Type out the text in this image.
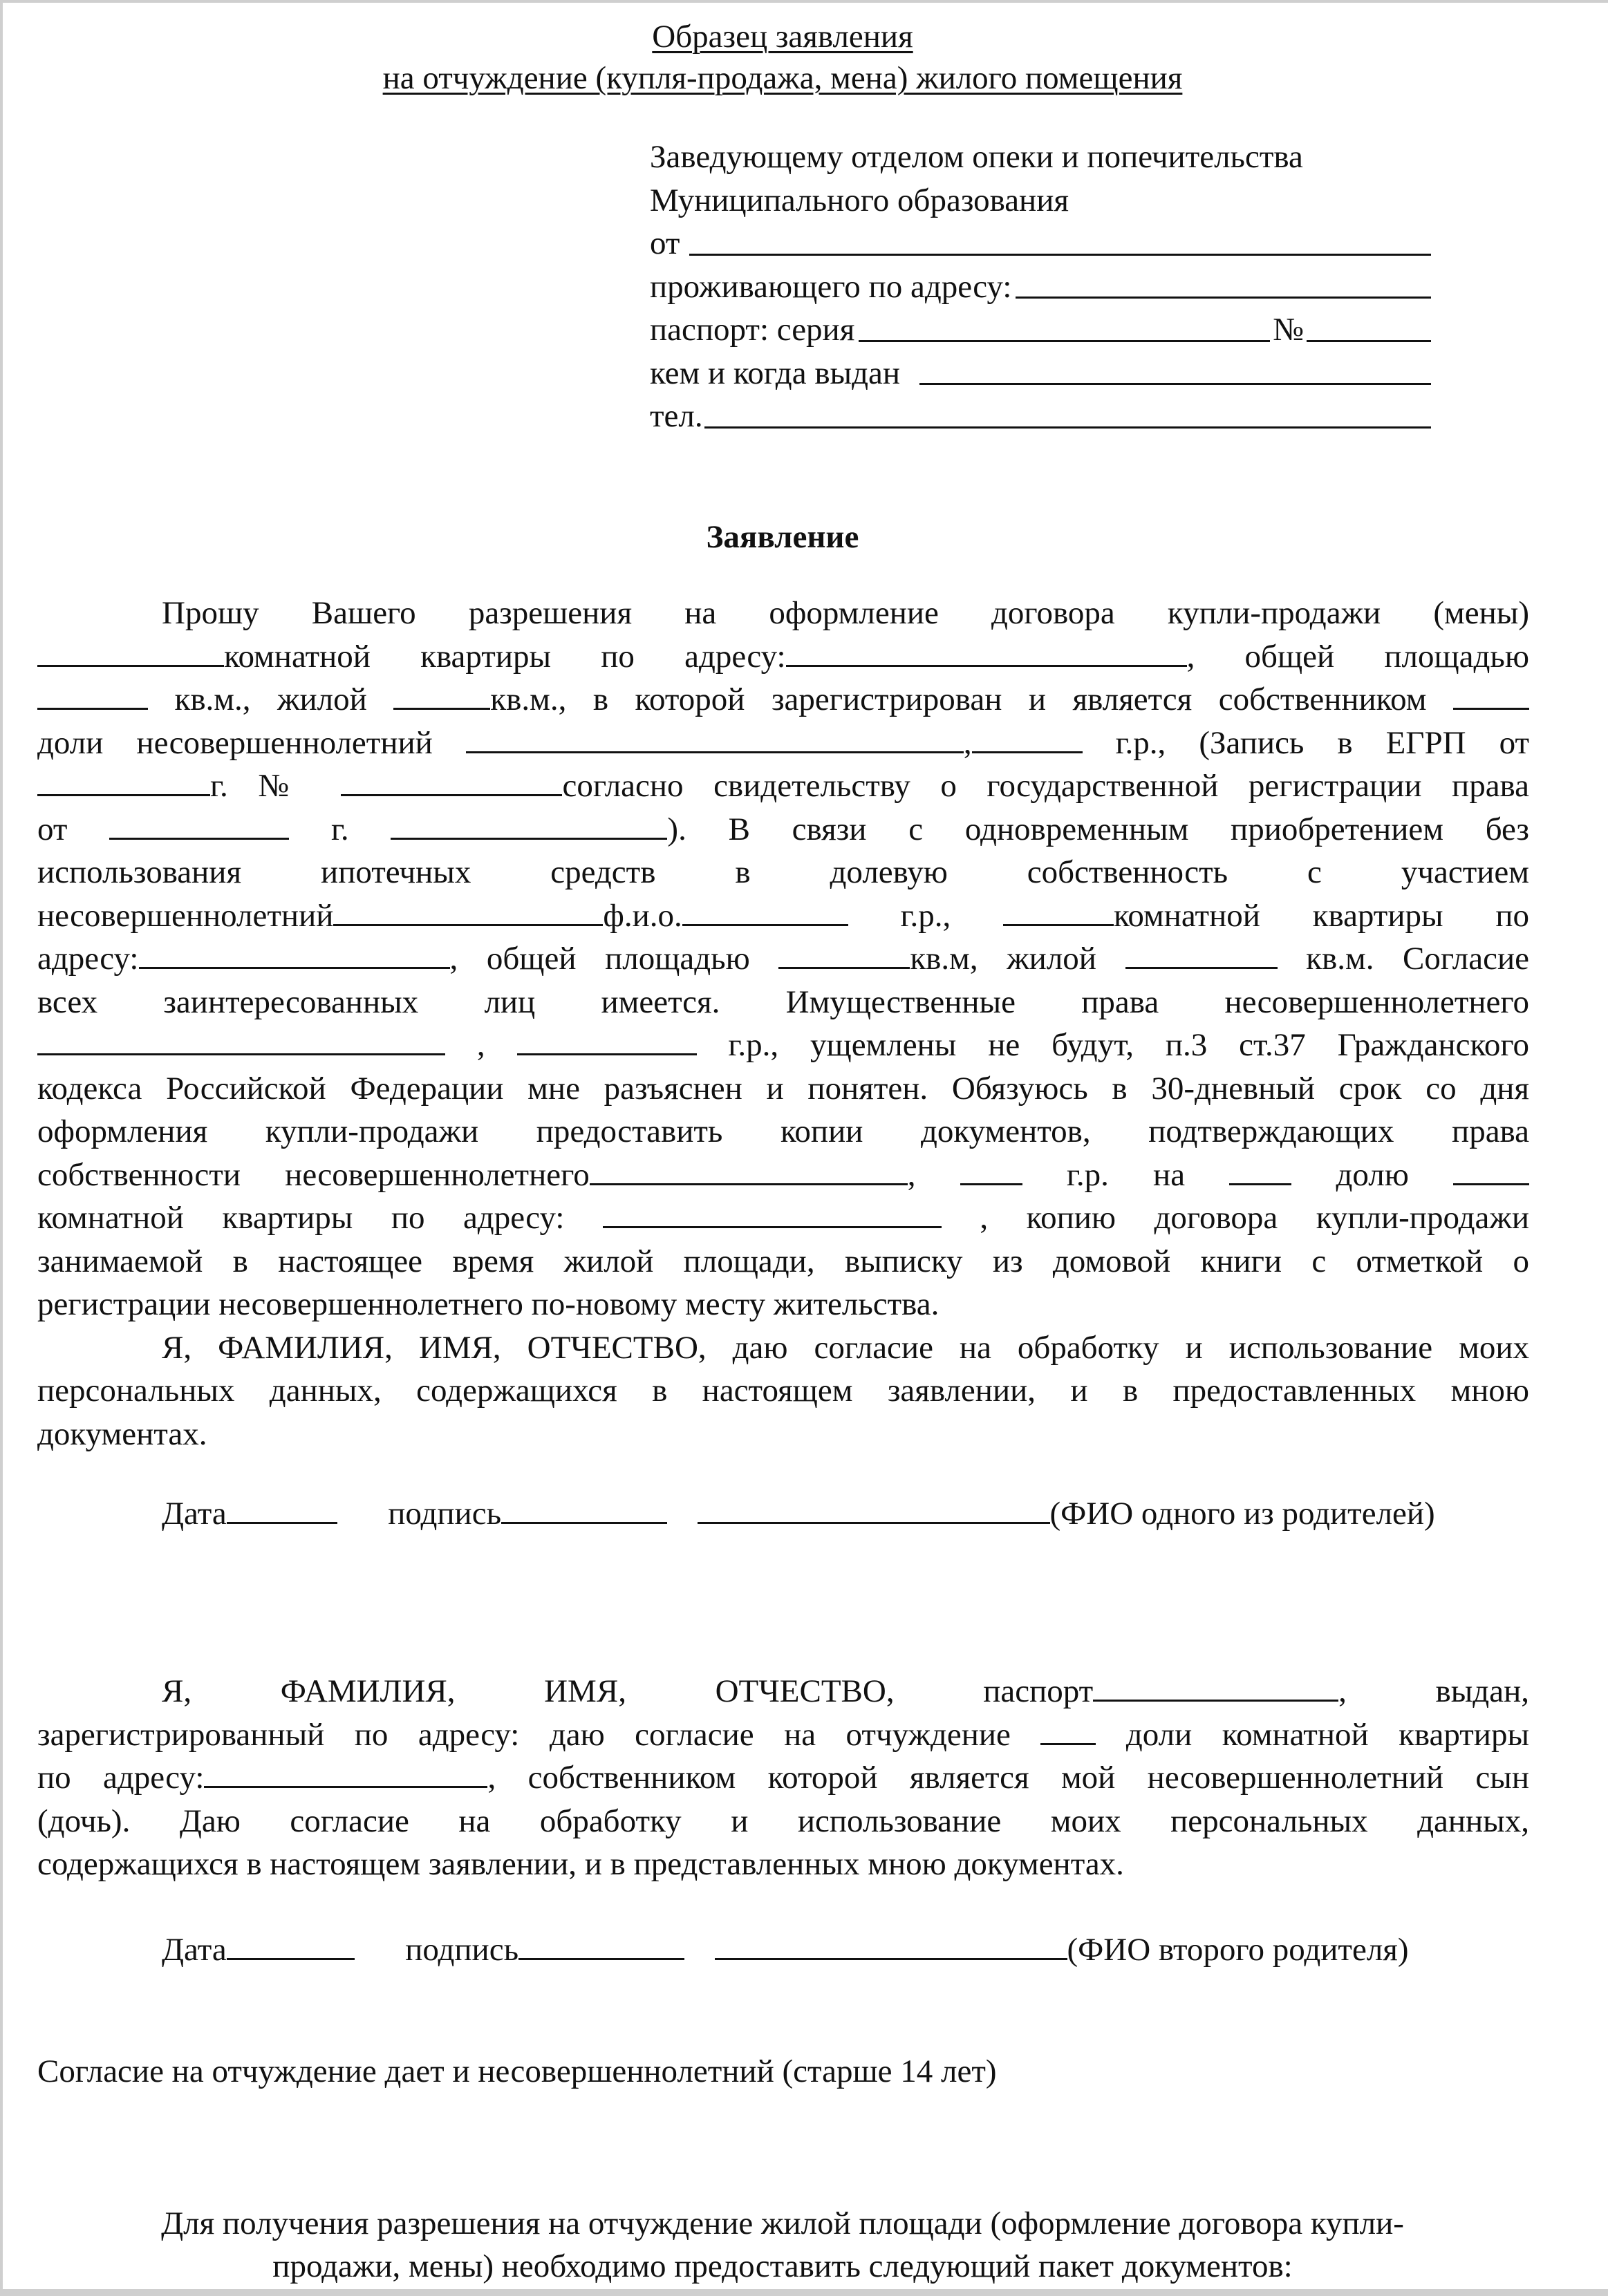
Образец заявления
на отчуждение (купля-продажа, мена) жилого помещения
Заведующему отделом опеки и попечительства
Муниципального образования
от
проживающего по адресу:
паспорт: серия	№
кем и когда выдан
тел.
Заявление
Прошу Вашего разрешения на оформление договора купли-продажи (мены)
комнатной квартиры по адресу:	, общей площадью
кв.м., жилой	кв.м., в которой зарегистрирован и является собственником
доли несовершеннолетний	,	г.р., (Запись в ЕГРП от
г. №	согласно свидетельству о государственной регистрации права
от	г.	). В связи с одновременным приобретением без
использования ипотечных средств в долевую собственность с участием
несовершеннолетний	ф.и.о.	г.р.,	комнатной квартиры по
адресу:	, общей площадью	кв.м, жилой	кв.м. Согласие
всех заинтересованных лиц имеется. Имущественные права несовершеннолетнего
,	г.р., ущемлены не будут, п.3 ст.37 Гражданского
кодекса Российской Федерации мне разъяснен и понятен. Обязуюсь в 30-дневный срок со дня
оформления купли-продажи предоставить копии документов, подтверждающих права
собственности несовершеннолетнего	,  г.р. на  долю
комнатной квартиры по адресу:	, копию договора купли-продажи
занимаемой в настоящее время жилой площади, выписку из домовой книги с отметкой о
регистрации несовершеннолетнего по-новому месту жительства.
Я, ФАМИЛИЯ, ИМЯ, ОТЧЕСТВО, даю согласие на обработку и использование моих
персональных данных, содержащихся в настоящем заявлении, и в предоставленных мною
документах.
Дата	подпись	(ФИО одного из родителей)
Я, ФАМИЛИЯ, ИМЯ, ОТЧЕСТВО, паспорт	, выдан,
зарегистрированный по адресу: даю согласие на отчуждение	доли комнатной квартиры
по адресу:	, собственником которой является мой несовершеннолетний сын
(дочь). Даю согласие на обработку и использование моих персональных данных,
содержащихся в настоящем заявлении, и в представленных мною документах.
Дата	подпись	(ФИО второго родителя)
Согласие на отчуждение дает и несовершеннолетний (старше 14 лет)
Для получения разрешения на отчуждение жилой площади (оформление договора купли-
продажи, мены) необходимо предоставить следующий пакет документов:
